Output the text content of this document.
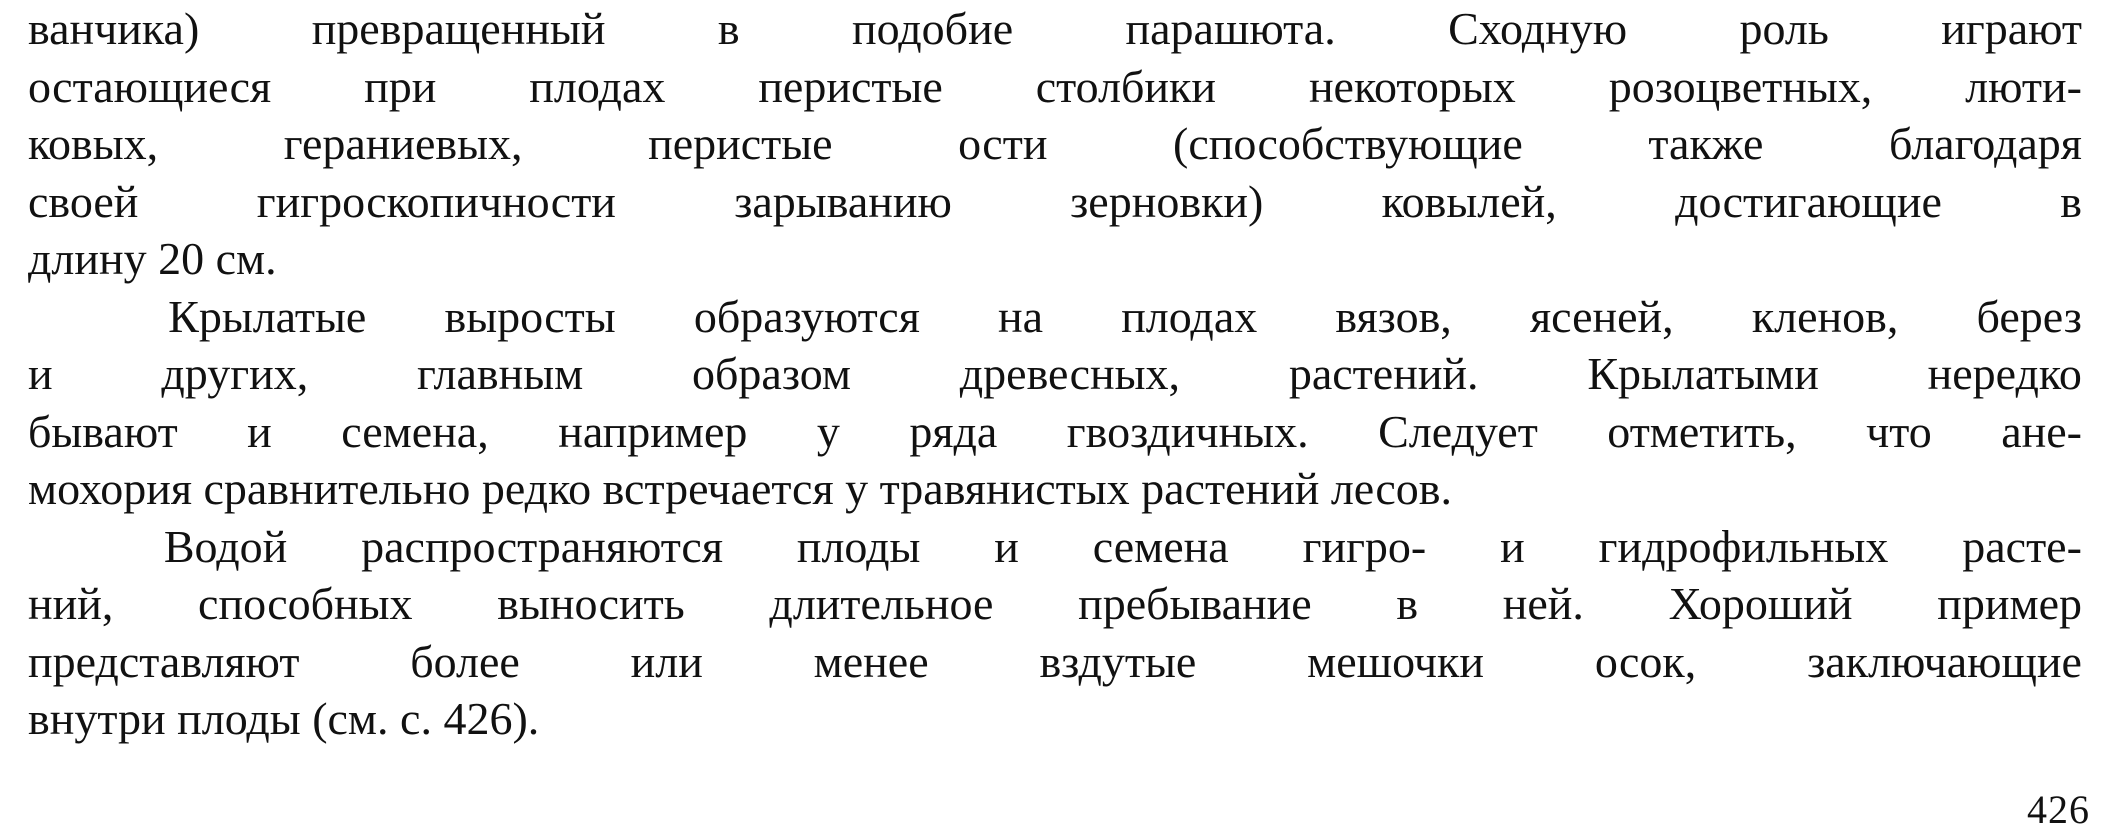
ванчика) превращенный в подобие парашюта. Сходную роль играют
остающиеся при плодах перистые столбики некоторых розоцветных, люти-
ковых,	гераниевых,	перистые	ости	(способствующие	также	благодаря
своей	гигроскопичности	зарыванию	зерновки)	ковылей,	достигающие	в
длину
20
см.

Крылатые выросты образуются на плодах вязов, ясеней, кленов, берез
и других, главным образом древесных, растений. Крылатыми нередко
бывают и семена, например у ряда гвоздичных. Следует отметить, что ане-
мохория
сравнительно
редко
встречается
у
травянистых
растений
лесов.

Водой распространяются плоды и семена гигро- и гидрофильных расте-
ний, способных выносить длительное пребывание в ней. Хороший пример
представляют более или менее вздутые мешочки осок, заключающие
внутри
плоды
(см.
с.
426).

426
